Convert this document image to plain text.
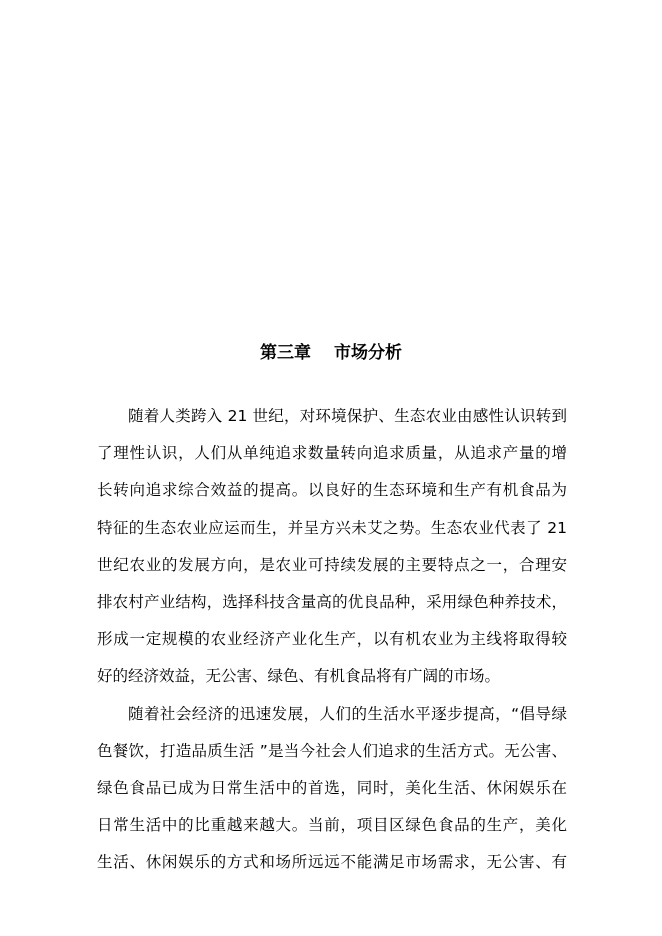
第三章　 市场分析
随着人类跨入 21 世纪，对环境保护、生态农业由感性认识转到
了理性认识，人们从单纯追求数量转向追求质量，从追求产量的增
长转向追求综合效益的提高。以良好的生态环境和生产有机食品为
特征的生态农业应运而生，并呈方兴未艾之势。生态农业代表了 21
世纪农业的发展方向，是农业可持续发展的主要特点之一，合理安
排农村产业结构，选择科技含量高的优良品种，采用绿色种养技术，
形成一定规模的农业经济产业化生产，以有机农业为主线将取得较
好的经济效益，无公害、绿色、有机食品将有广阔的市场。
随着社会经济的迅速发展，人们的生活水平逐步提高，“倡导绿
色餐饮，打造品质生活 ”是当今社会人们追求的生活方式。无公害、
绿色食品已成为日常生活中的首选，同时，美化生活、休闲娱乐在
日常生活中的比重越来越大。当前，项目区绿色食品的生产，美化
生活、休闲娱乐的方式和场所远远不能满足市场需求，无公害、有
